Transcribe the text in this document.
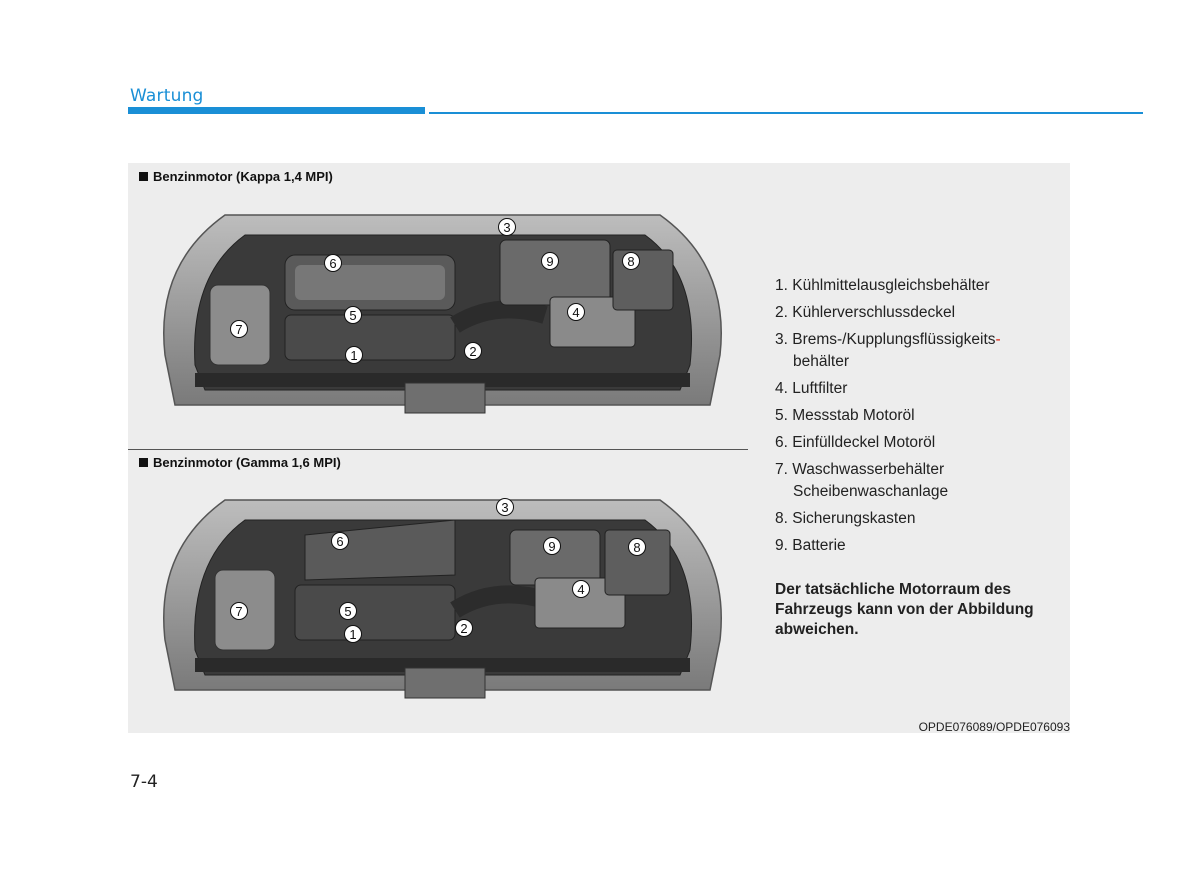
Wartung
Benzinmotor (Kappa 1,4 MPI)
1	2
3
4
5
6
7
8
9
Benzinmotor (Gamma 1,6 MPI)
1	2
3
4
5
6
7
8
9
1. Kühlmittelausgleichsbehälter
2. Kühlerverschlussdeckel
3. Brems-/Kupplungsflüssigkeits-
behälter
4. Luftfilter
5. Messstab Motoröl
6. Einfülldeckel Motoröl
7. Waschwasserbehälter
Scheibenwaschanlage
8. Sicherungskasten
9. Batterie
Der tatsächliche Motorraum des Fahrzeugs kann von der Abbildung abweichen.
OPDE076089/OPDE076093
7-4
